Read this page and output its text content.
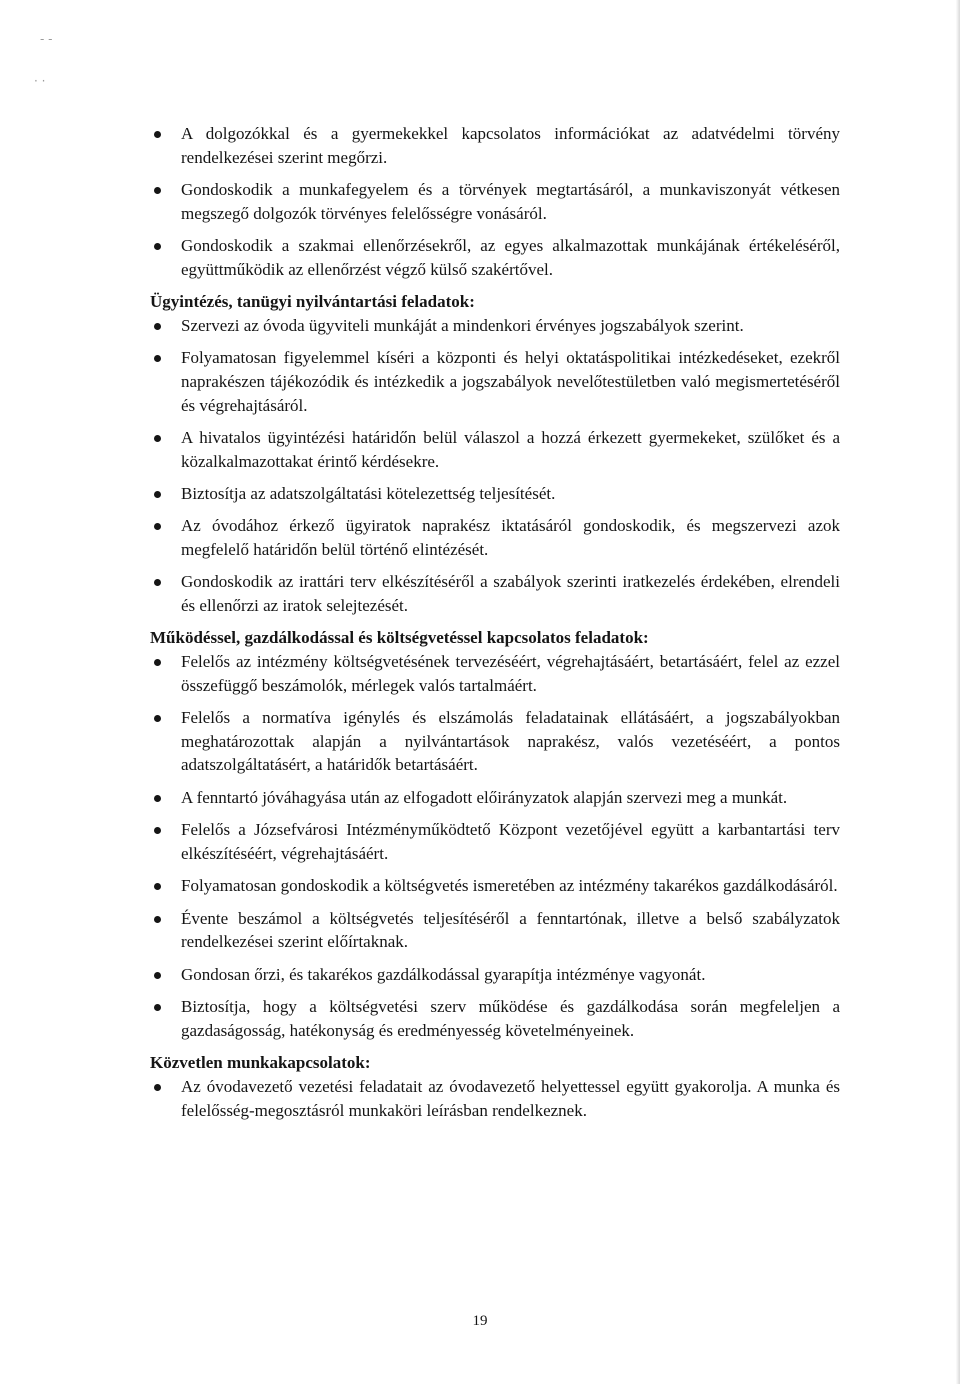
- -
· ·
A dolgozókkal és a gyermekekkel kapcsolatos információkat az adatvédelmi törvény rendelkezései szerint megőrzi.
Gondoskodik a munkafegyelem és a törvények megtartásáról, a munkaviszonyát vétkesen megszegő dolgozók törvényes felelősségre vonásáról.
Gondoskodik a szakmai ellenőrzésekről, az egyes alkalmazottak munkájának értékeléséről, együttműködik az ellenőrzést végző külső szakértővel.
Ügyintézés, tanügyi nyilvántartási feladatok:
Szervezi az óvoda ügyviteli munkáját a mindenkori érvényes jogszabályok szerint.
Folyamatosan figyelemmel kíséri a központi és helyi oktatáspolitikai intézkedéseket, ezekről naprakészen tájékozódik és intézkedik a jogszabályok nevelőtestületben való megismertetéséről és végrehajtásáról.
A hivatalos ügyintézési határidőn belül válaszol a hozzá érkezett gyermekeket, szülőket és a közalkalmazottakat érintő kérdésekre.
Biztosítja az adatszolgáltatási kötelezettség teljesítését.
Az óvodához érkező ügyiratok naprakész iktatásáról gondoskodik, és megszervezi azok megfelelő határidőn belül történő elintézését.
Gondoskodik az irattári terv elkészítéséről a szabályok szerinti iratkezelés érdekében, elrendeli és ellenőrzi az iratok selejtezését.
Működéssel, gazdálkodással és költségvetéssel kapcsolatos feladatok:
Felelős az intézmény költségvetésének tervezéséért, végrehajtásáért, betartásáért, felel az ezzel összefüggő beszámolók, mérlegek valós tartalmáért.
Felelős a normatíva igénylés és elszámolás feladatainak ellátásáért, a jogszabályokban meghatározottak alapján a nyilvántartások naprakész, valós vezetéséért, a pontos adatszolgáltatásért, a határidők betartásáért.
A fenntartó jóváhagyása után az elfogadott előirányzatok alapján szervezi meg a munkát.
Felelős a Józsefvárosi Intézményműködtető Központ vezetőjével együtt a karbantartási terv elkészítéséért, végrehajtásáért.
Folyamatosan gondoskodik a költségvetés ismeretében az intézmény takarékos gazdálkodásáról.
Évente beszámol a költségvetés teljesítéséről a fenntartónak, illetve a belső szabályzatok rendelkezései szerint előírtaknak.
Gondosan őrzi, és takarékos gazdálkodással gyarapítja intézménye vagyonát.
Biztosítja, hogy a költségvetési szerv működése és gazdálkodása során megfeleljen a gazdaságosság, hatékonyság és eredményesség követelményeinek.
Közvetlen munkakapcsolatok:
Az óvodavezető vezetési feladatait az óvodavezető helyettessel együtt gyakorolja. A munka és felelősség-megosztásról munkaköri leírásban rendelkeznek.
19
